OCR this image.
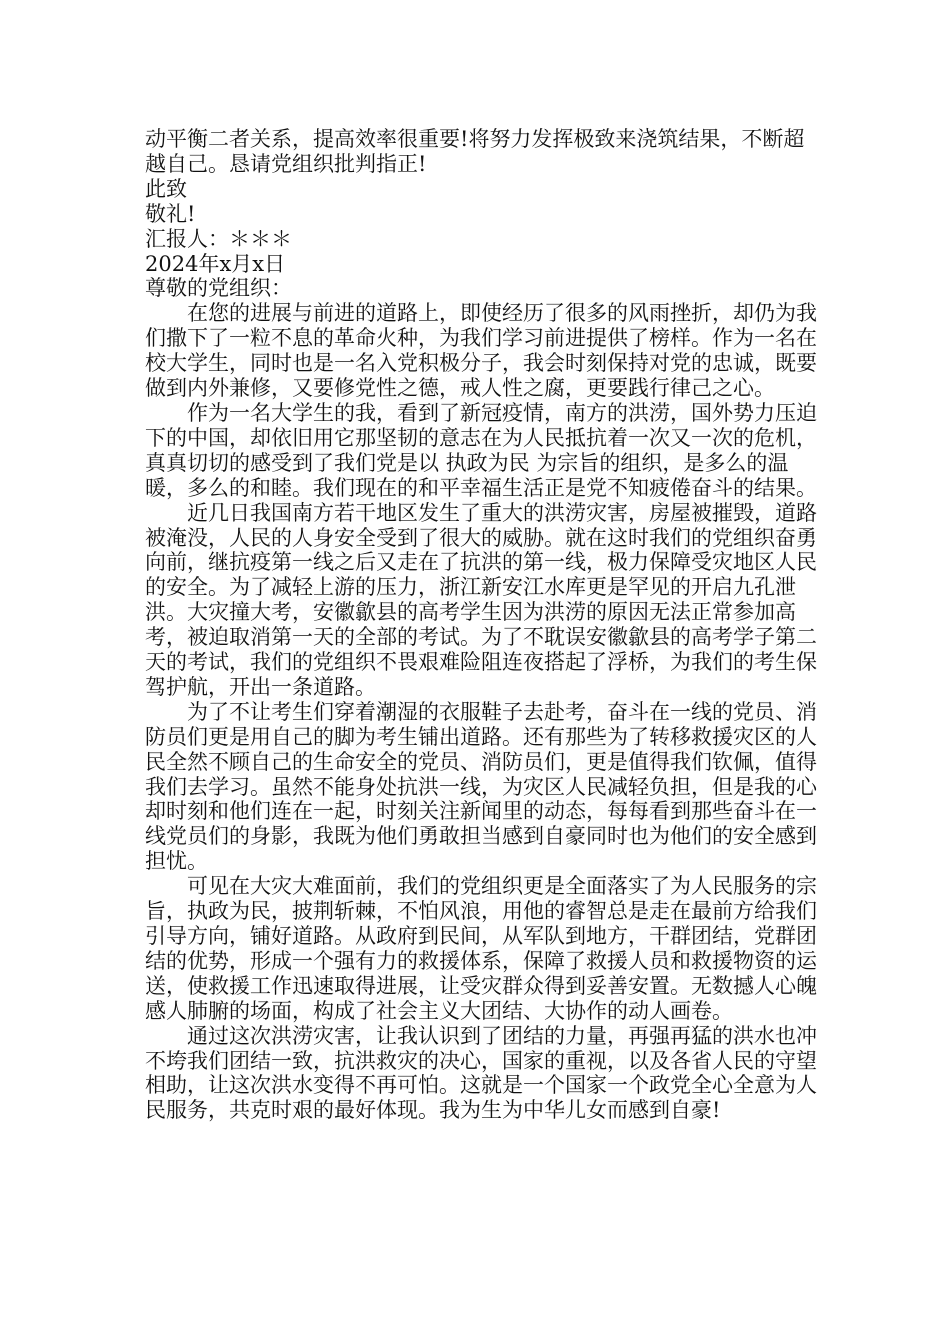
动平衡二者关系，提高效率很重要!将努力发挥极致来浇筑结果，不断超越自己。恳请党组织批判指正!

此致

敬礼!

汇报人：＊＊＊

2024年x月x日

尊敬的党组织：

在您的进展与前进的道路上，即使经历了很多的风雨挫折，却仍为我们撒下了一粒不息的革命火种，为我们学习前进提供了榜样。作为一名在校大学生，同时也是一名入党积极分子，我会时刻保持对党的忠诚，既要做到内外兼修，又要修党性之德，戒人性之腐，更要践行律己之心。

作为一名大学生的我，看到了新冠疫情，南方的洪涝，国外势力压迫下的中国，却依旧用它那坚韧的意志在为人民抵抗着一次又一次的危机，真真切切的感受到了我们党是以 执政为民 为宗旨的组织，是多么的温暖，多么的和睦。我们现在的和平幸福生活正是党不知疲倦奋斗的结果。

近几日我国南方若干地区发生了重大的洪涝灾害，房屋被摧毁，道路被淹没，人民的人身安全受到了很大的威胁。就在这时我们的党组织奋勇向前，继抗疫第一线之后又走在了抗洪的第一线，极力保障受灾地区人民的安全。为了减轻上游的压力，浙江新安江水库更是罕见的开启九孔泄洪。大灾撞大考，安徽歙县的高考学生因为洪涝的原因无法正常参加高考，被迫取消第一天的全部的考试。为了不耽误安徽歙县的高考学子第二天的考试，我们的党组织不畏艰难险阻连夜搭起了浮桥，为我们的考生保驾护航，开出一条道路。

为了不让考生们穿着潮湿的衣服鞋子去赴考，奋斗在一线的党员、消防员们更是用自己的脚为考生铺出道路。还有那些为了转移救援灾区的人民全然不顾自己的生命安全的党员、消防员们，更是值得我们钦佩，值得我们去学习。虽然不能身处抗洪一线，为灾区人民减轻负担，但是我的心却时刻和他们连在一起，时刻关注新闻里的动态，每每看到那些奋斗在一线党员们的身影，我既为他们勇敢担当感到自豪同时也为他们的安全感到担忧。

可见在大灾大难面前，我们的党组织更是全面落实了为人民服务的宗旨，执政为民，披荆斩棘，不怕风浪，用他的睿智总是走在最前方给我们引导方向，铺好道路。从政府到民间，从军队到地方，干群团结，党群团结的优势，形成一个强有力的救援体系，保障了救援人员和救援物资的运送，使救援工作迅速取得进展，让受灾群众得到妥善安置。无数撼人心魄感人肺腑的场面，构成了社会主义大团结、大协作的动人画卷。

通过这次洪涝灾害，让我认识到了团结的力量，再强再猛的洪水也冲不垮我们团结一致，抗洪救灾的决心，国家的重视，以及各省人民的守望相助，让这次洪水变得不再可怕。这就是一个国家一个政党全心全意为人民服务，共克时艰的最好体现。我为生为中华儿女而感到自豪!
